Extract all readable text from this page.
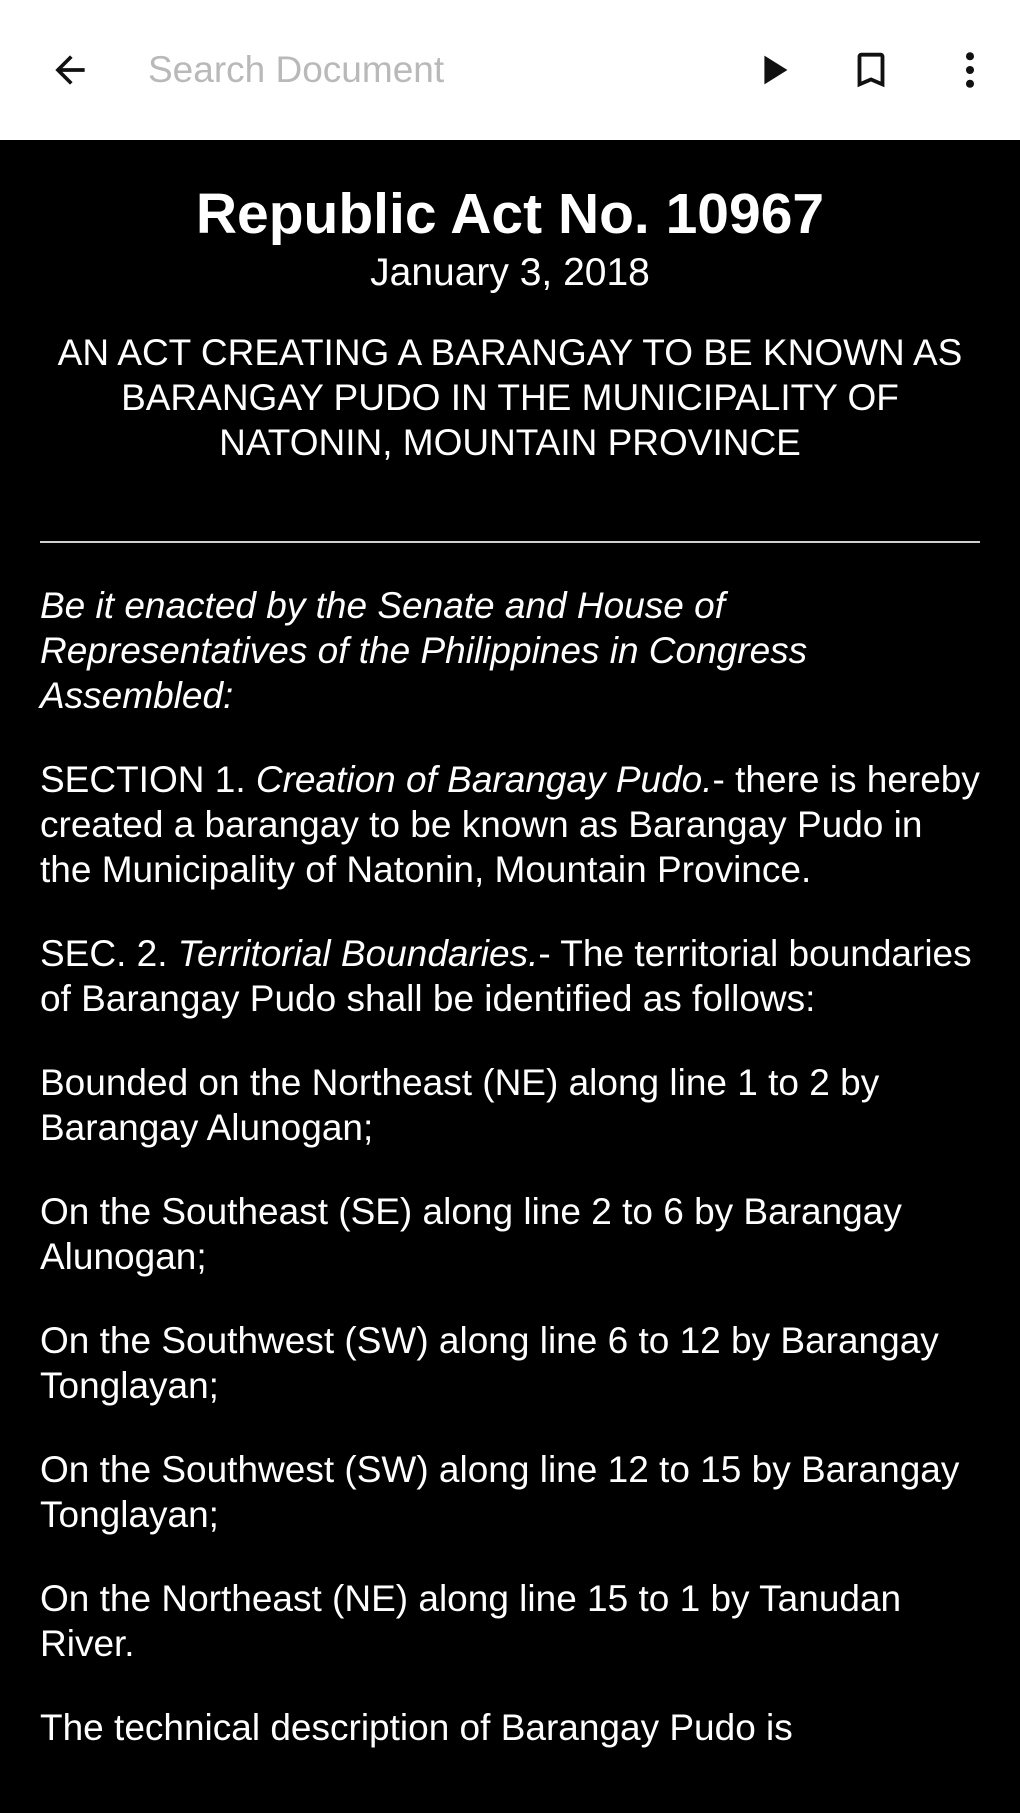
Search Document
Republic Act No. 10967

January 3, 2018

AN ACT CREATING A BARANGAY TO BE KNOWN AS BARANGAY PUDO IN THE MUNICIPALITY OF NATONIN, MOUNTAIN PROVINCE

Be it enacted by the Senate and House of Representatives of the Philippines in Congress Assembled:

SECTION 1. Creation of Barangay Pudo.- there is hereby created a barangay to be known as Barangay Pudo in the Municipality of Natonin, Mountain Province.

SEC. 2. Territorial Boundaries.- The territorial boundaries of Barangay Pudo shall be identified as follows:

Bounded on the Northeast (NE) along line 1 to 2 by Barangay Alunogan;

On the Southeast (SE) along line 2 to 6 by Barangay Alunogan;

On the Southwest (SW) along line 6 to 12 by Barangay Tonglayan;

On the Southwest (SW) along line 12 to 15 by Barangay Tonglayan;

On the Northeast (NE) along line 15 to 1 by Tanudan River.

The technical description of Barangay Pudo is
